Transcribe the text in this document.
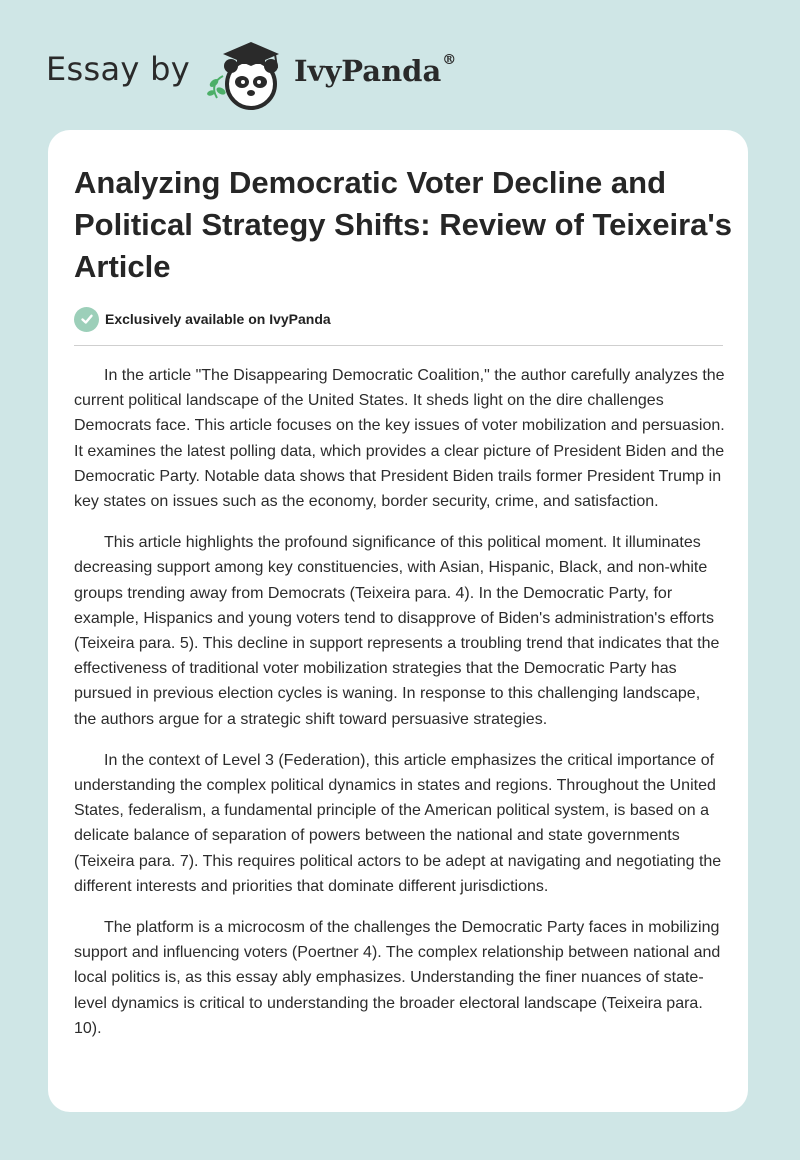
Essay by	IvyPanda®
Analyzing Democratic Voter Decline and Political Strategy Shifts: Review of Teixeira's Article
Exclusively available on IvyPanda

In the article "The Disappearing Democratic Coalition," the author carefully analyzes the current political landscape of the United States. It sheds light on the dire challenges Democrats face. This article focuses on the key issues of voter mobilization and persuasion. It examines the latest polling data, which provides a clear picture of President Biden and the Democratic Party. Notable data shows that President Biden trails former President Trump in key states on issues such as the economy, border security, crime, and satisfaction.

This article highlights the profound significance of this political moment. It illuminates decreasing support among key constituencies, with Asian, Hispanic, Black, and non-white groups trending away from Democrats (Teixeira para. 4). In the Democratic Party, for example, Hispanics and young voters tend to disapprove of Biden's administration's efforts (Teixeira para. 5). This decline in support represents a troubling trend that indicates that the effectiveness of traditional voter mobilization strategies that the Democratic Party has pursued in previous election cycles is waning. In response to this challenging landscape, the authors argue for a strategic shift toward persuasive strategies.

In the context of Level 3 (Federation), this article emphasizes the critical importance of understanding the complex political dynamics in states and regions. Throughout the United States, federalism, a fundamental principle of the American political system, is based on a delicate balance of separation of powers between the national and state governments (Teixeira para. 7). This requires political actors to be adept at navigating and negotiating the different interests and priorities that dominate different jurisdictions.

The platform is a microcosm of the challenges the Democratic Party faces in mobilizing support and influencing voters (Poertner 4). The complex relationship between national and local politics is, as this essay ably emphasizes. Understanding the finer nuances of state-level dynamics is critical to understanding the broader electoral landscape (Teixeira para. 10).
